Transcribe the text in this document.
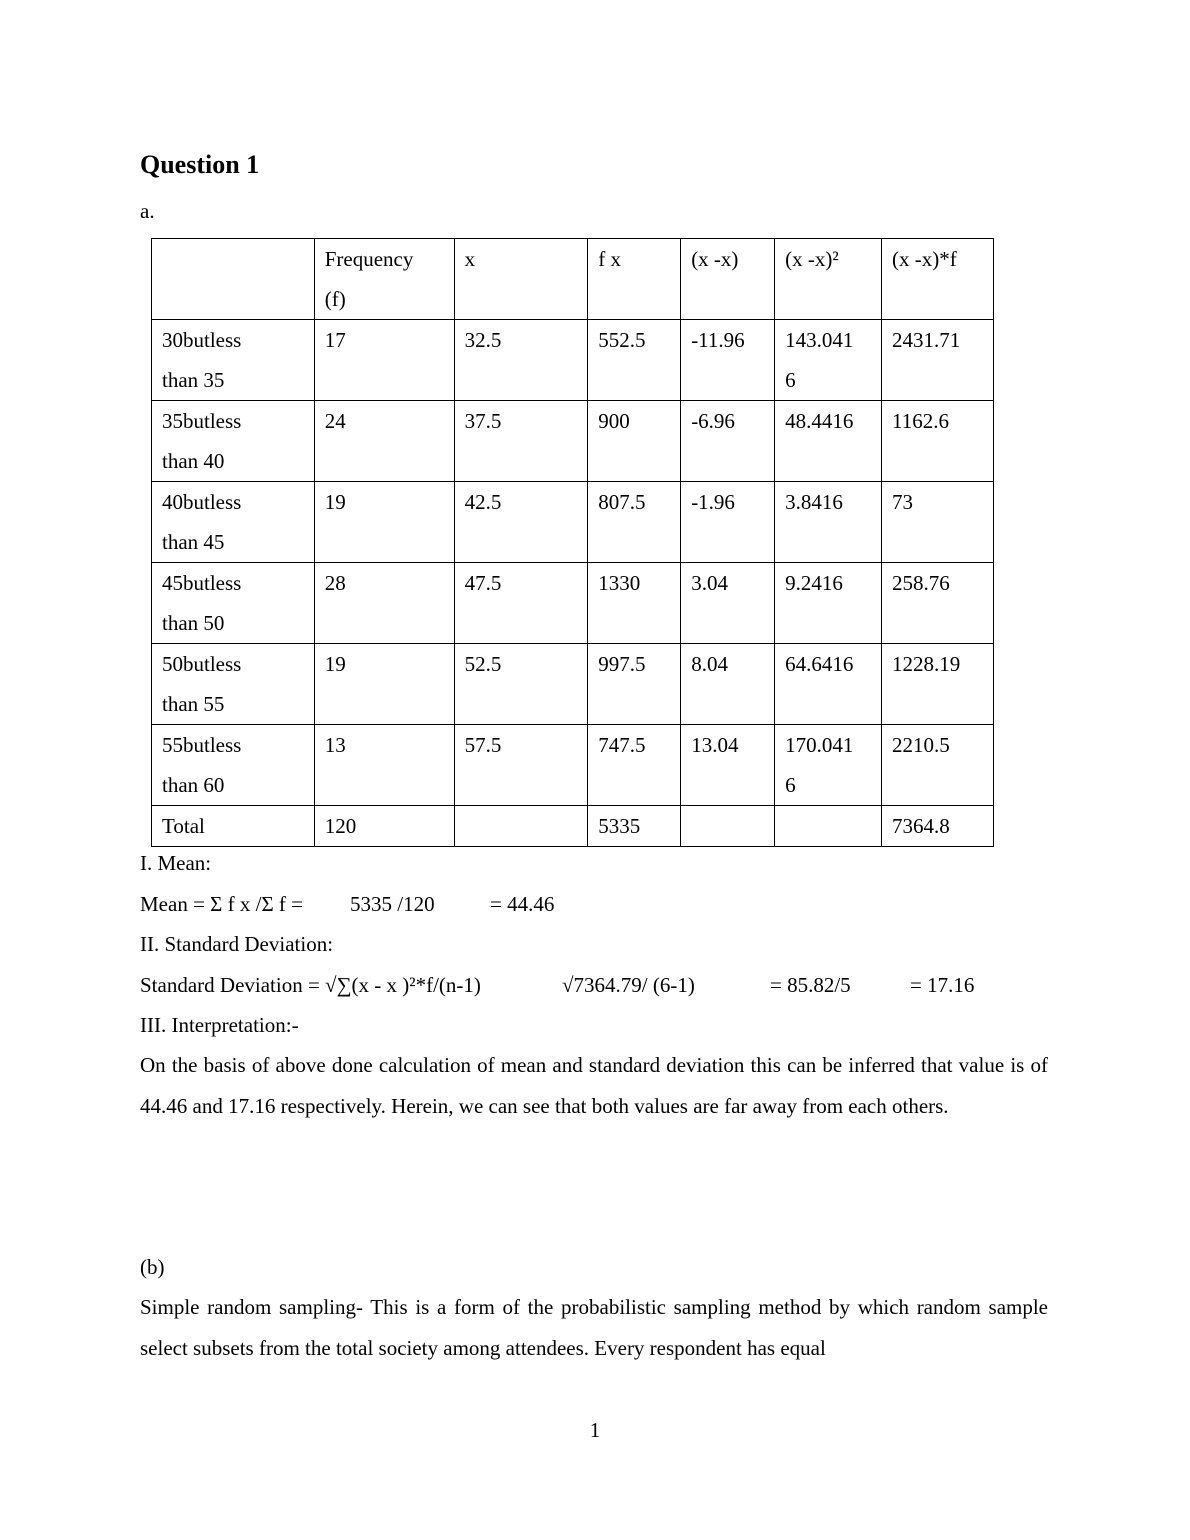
Question 1
a.

	Frequency (f)	x	f x	(x -x)	(x -x)²	(x -x)*f

30butless
than 35	17	32.5	552.5	-11.96	143.0416	2431.71

35butless
than 40	24	37.5	900	-6.96	48.4416	1162.6

40butless
than 45	19	42.5	807.5	-1.96	3.8416	73

45butless
than 50	28	47.5	1330	3.04	9.2416	258.76

50butless
than 55	19	52.5	997.5	8.04	64.6416	1228.19

55butless
than 60	13	57.5	747.5	13.04	170.0416	2210.5
Total	120		5335			7364.8
I. Mean:
Mean = Σ f x /Σ f = 5335 /120	= 44.46
II. Standard Deviation:
Standard Deviation = √∑(x - x )²*f/(n-1)	√7364.79/ (6-1)	= 85.82/5	= 17.16
III. Interpretation:-
On the basis of above done calculation of mean and standard deviation this can be inferred that value is of 44.46 and 17.16 respectively. Herein, we can see that both values are far away from each others.
(b)
Simple random sampling- This is a form of the probabilistic sampling method by which random sample select subsets from the total society among attendees. Every respondent has equal
1
